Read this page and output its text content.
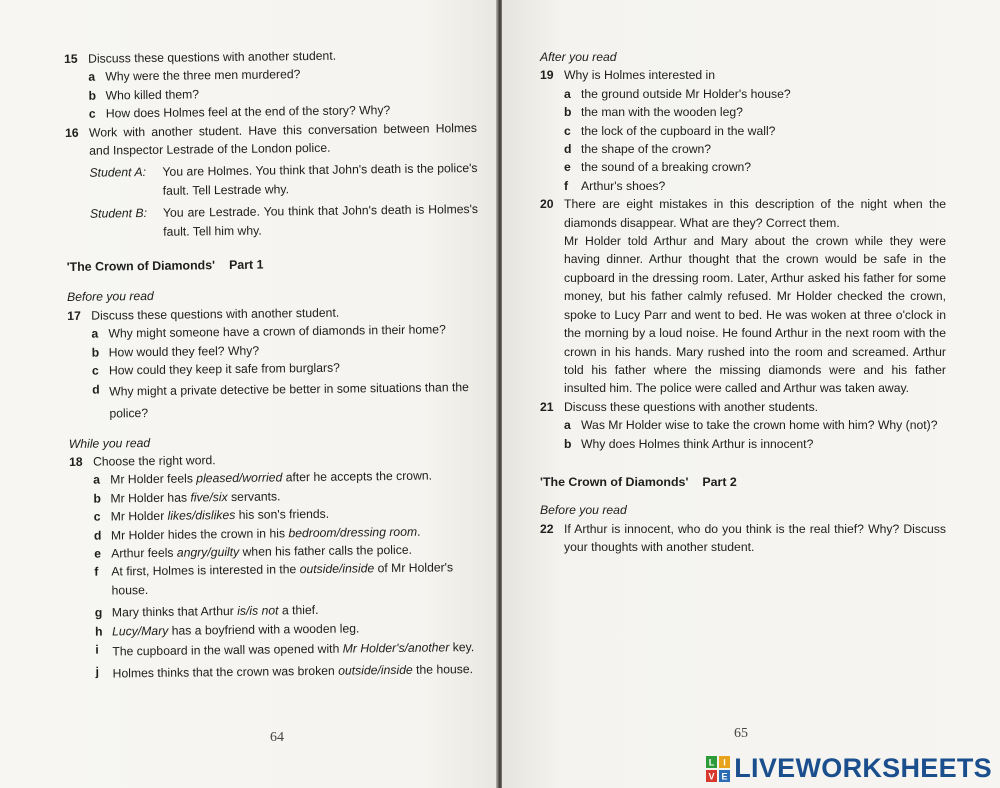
15 Discuss these questions with another student.
a Why were the three men murdered?
b Who killed them?
c How does Holmes feel at the end of the story? Why?
16 Work with another student. Have this conversation between Holmes and Inspector Lestrade of the London police.
Student A:	You are Holmes. You think that John's death is the police's fault. Tell Lestrade why.
Student B:	You are Lestrade. You think that John's death is Holmes's fault. Tell him why.
'The Crown of Diamonds' Part 1
Before you read
17 Discuss these questions with another student.
a Why might someone have a crown of diamonds in their home?
b How would they feel? Why?
c How could they keep it safe from burglars?
d Why might a private detective be better in some situations than the police?
While you read
18 Choose the right word.
a Mr Holder feels pleased/worried after he accepts the crown.
b Mr Holder has five/six servants.
c Mr Holder likes/dislikes his son's friends.
d Mr Holder hides the crown in his bedroom/dressing room.
e Arthur feels angry/guilty when his father calls the police.
f	At first, Holmes is interested in the outside/inside of Mr Holder's house.
g Mary thinks that Arthur is/is not a thief.
h Lucy/Mary has a boyfriend with a wooden leg.
i	The cupboard in the wall was opened with Mr Holder's/another key.
j	Holmes thinks that the crown was broken outside/inside the house.
64
After you read
19 Why is Holmes interested in
a the ground outside Mr Holder's house?
b the man with the wooden leg?
c the lock of the cupboard in the wall?
d the shape of the crown?
e the sound of a breaking crown?
f	Arthur's shoes?
20 There are eight mistakes in this description of the night when the diamonds disappear. What are they? Correct them.
Mr Holder told Arthur and Mary about the crown while they were having dinner. Arthur thought that the crown would be safe in the cupboard in the dressing room. Later, Arthur asked his father for some money, but his father calmly refused. Mr Holder checked the crown, spoke to Lucy Parr and went to bed. He was woken at three o'clock in the morning by a loud noise. He found Arthur in the next room with the crown in his hands. Mary rushed into the room and screamed. Arthur told his father where the missing diamonds were and his father insulted him. The police were called and Arthur was taken away.
21 Discuss these questions with another students.
a Was Mr Holder wise to take the crown home with him? Why (not)?
b Why does Holmes think Arthur is innocent?
'The Crown of Diamonds' Part 2
Before you read
22 If Arthur is innocent, who do you think is the real thief? Why? Discuss your thoughts with another student.
65
L I
V E LIVEWORKSHEETS
